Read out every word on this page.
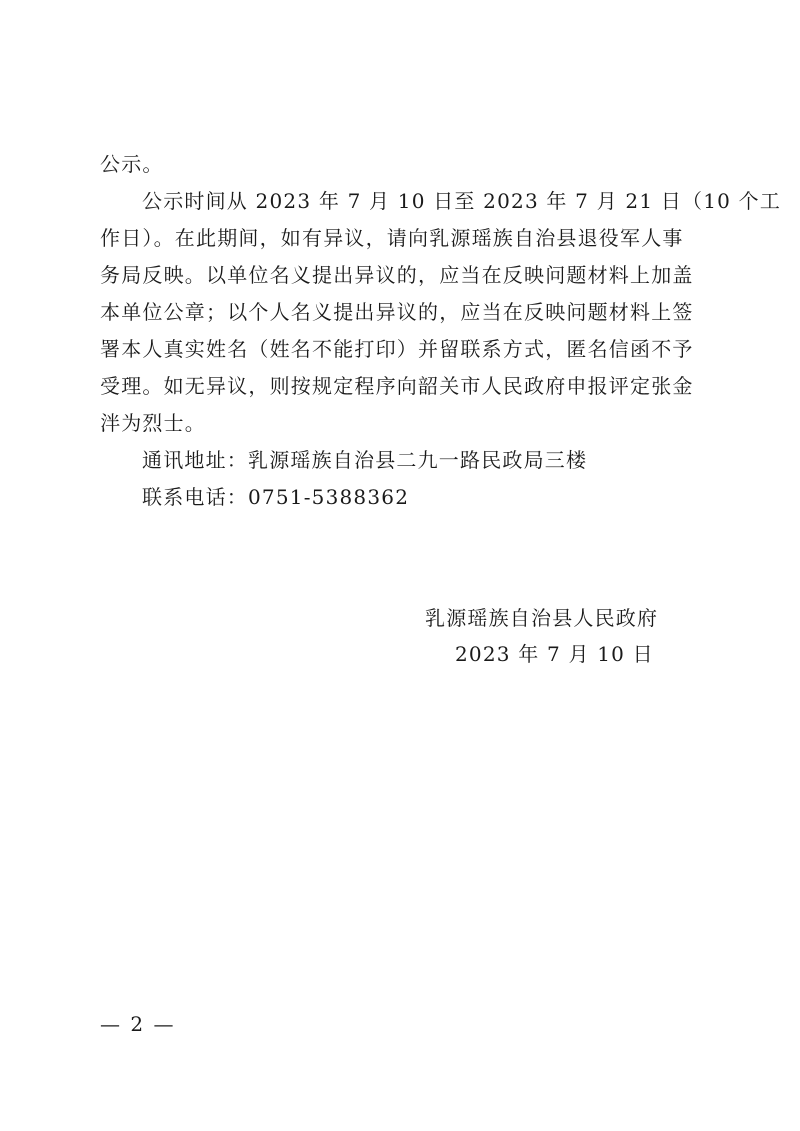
公示。
公示时间从 2023 年 7 月 10 日至 2023 年 7 月 21 日（10 个工
作日）。在此期间，如有异议，请向乳源瑶族自治县退役军人事
务局反映。以单位名义提出异议的，应当在反映问题材料上加盖
本单位公章；以个人名义提出异议的，应当在反映问题材料上签
署本人真实姓名（姓名不能打印）并留联系方式，匿名信函不予
受理。如无异议，则按规定程序向韶关市人民政府申报评定张金
泮为烈士。
通讯地址：乳源瑶族自治县二九一路民政局三楼
联系电话：0751-5388362
乳源瑶族自治县人民政府
2023 年 7 月 10 日
— 2 —
